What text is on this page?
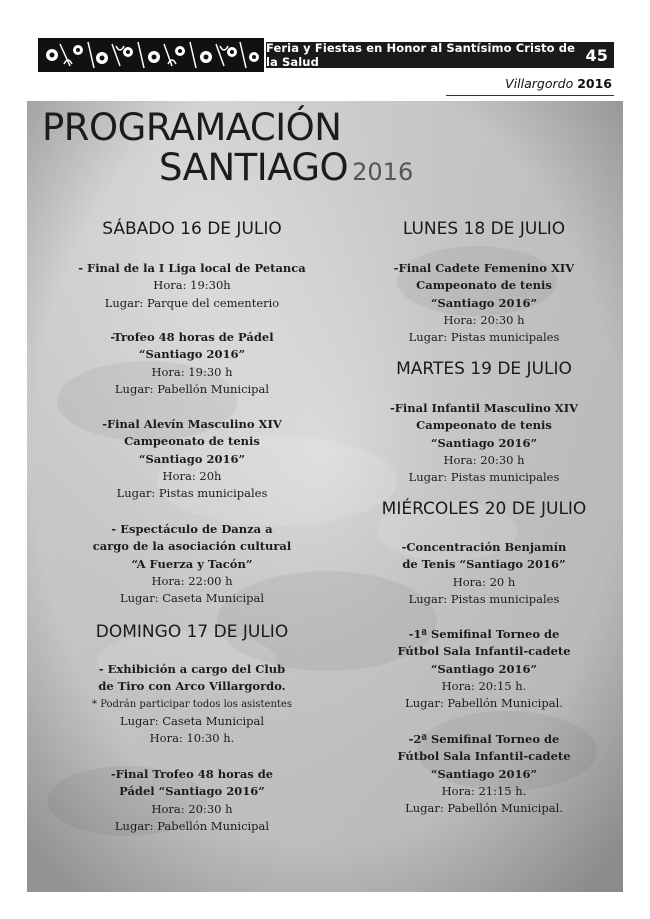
Feria y Fiestas en Honor al Santísimo Cristo de la Salud	45
Villargordo 2016
PROGRAMACIÓN
SANTIAGO 2016
SÁBADO 16 DE JULIO
- Final de la I Liga local de Petanca
Hora: 19:30h
Lugar: Parque del cementerio
-Trofeo 48 horas de Pádel
“Santiago 2016”
Hora: 19:30 h
Lugar: Pabellón Municipal
-Final Alevín Masculino XIV
Campeonato de tenis
“Santiago 2016”
Hora: 20h
Lugar: Pistas municipales
- Espectáculo de Danza a
cargo de la asociación cultural
“A Fuerza y Tacón”
Hora: 22:00 h
Lugar: Caseta Municipal
DOMINGO 17 DE JULIO
- Exhibición a cargo del Club
de Tiro con Arco Villargordo.
* Podrán participar todos los asistentes
Lugar: Caseta Municipal
Hora: 10:30 h.
-Final Trofeo 48 horas de
Pádel “Santiago 2016”
Hora: 20:30 h
Lugar: Pabellón Municipal
LUNES 18 DE JULIO
-Final Cadete Femenino XIV
Campeonato de tenis
“Santiago 2016”
Hora: 20:30 h
Lugar: Pistas municipales
MARTES 19 DE JULIO
-Final Infantil Masculino XIV
Campeonato de tenis
“Santiago 2016”
Hora: 20:30 h
Lugar: Pistas municipales
MIÉRCOLES 20 DE JULIO
-Concentración Benjamín
de Tenis “Santiago 2016”
Hora: 20 h
Lugar: Pistas municipales
-1ª Semifinal Torneo de
Fútbol Sala Infantil-cadete
“Santiago 2016”
Hora: 20:15 h.
Lugar: Pabellón Municipal.
-2ª Semifinal Torneo de
Fútbol Sala Infantil-cadete
“Santiago 2016”
Hora: 21:15 h.
Lugar: Pabellón Municipal.
